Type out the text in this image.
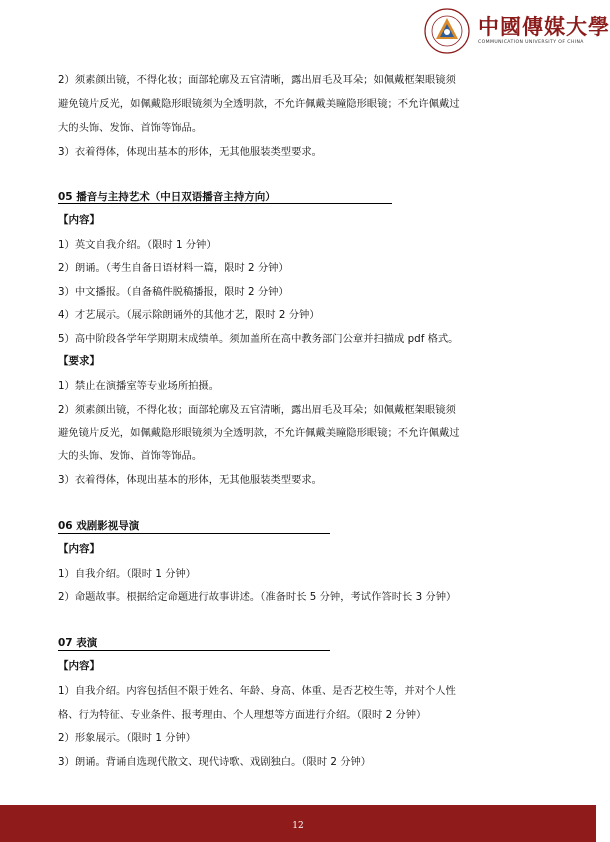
中國傳媒大學
COMMUNICATION UNIVERSITY OF CHINA
2）须素颜出镜，不得化妆；面部轮廓及五官清晰，露出眉毛及耳朵；如佩戴框架眼镜须
避免镜片反光，如佩戴隐形眼镜须为全透明款，不允许佩戴美瞳隐形眼镜；不允许佩戴过
大的头饰、发饰、首饰等饰品。
3）衣着得体，体现出基本的形体，无其他服装类型要求。
05 播音与主持艺术（中日双语播音主持方向）
【内容】
1）英文自我介绍。（限时 1 分钟）
2）朗诵。（考生自备日语材料一篇，限时 2 分钟）
3）中文播报。（自备稿件脱稿播报，限时 2 分钟）
4）才艺展示。（展示除朗诵外的其他才艺，限时 2 分钟）
5）高中阶段各学年学期期末成绩单。须加盖所在高中教务部门公章并扫描成 pdf 格式。
【要求】
1）禁止在演播室等专业场所拍摄。
2）须素颜出镜，不得化妆；面部轮廓及五官清晰，露出眉毛及耳朵；如佩戴框架眼镜须
避免镜片反光，如佩戴隐形眼镜须为全透明款，不允许佩戴美瞳隐形眼镜；不允许佩戴过
大的头饰、发饰、首饰等饰品。
3）衣着得体，体现出基本的形体，无其他服装类型要求。
06 戏剧影视导演
【内容】
1）自我介绍。（限时 1 分钟）
2）命题故事。根据给定命题进行故事讲述。（准备时长 5 分钟，考试作答时长 3 分钟）
07 表演
【内容】
1）自我介绍。内容包括但不限于姓名、年龄、身高、体重、是否艺校生等，并对个人性
格、行为特征、专业条件、报考理由、个人理想等方面进行介绍。（限时 2 分钟）
2）形象展示。（限时 1 分钟）
3）朗诵。背诵自选现代散文、现代诗歌、戏剧独白。（限时 2 分钟）
12
